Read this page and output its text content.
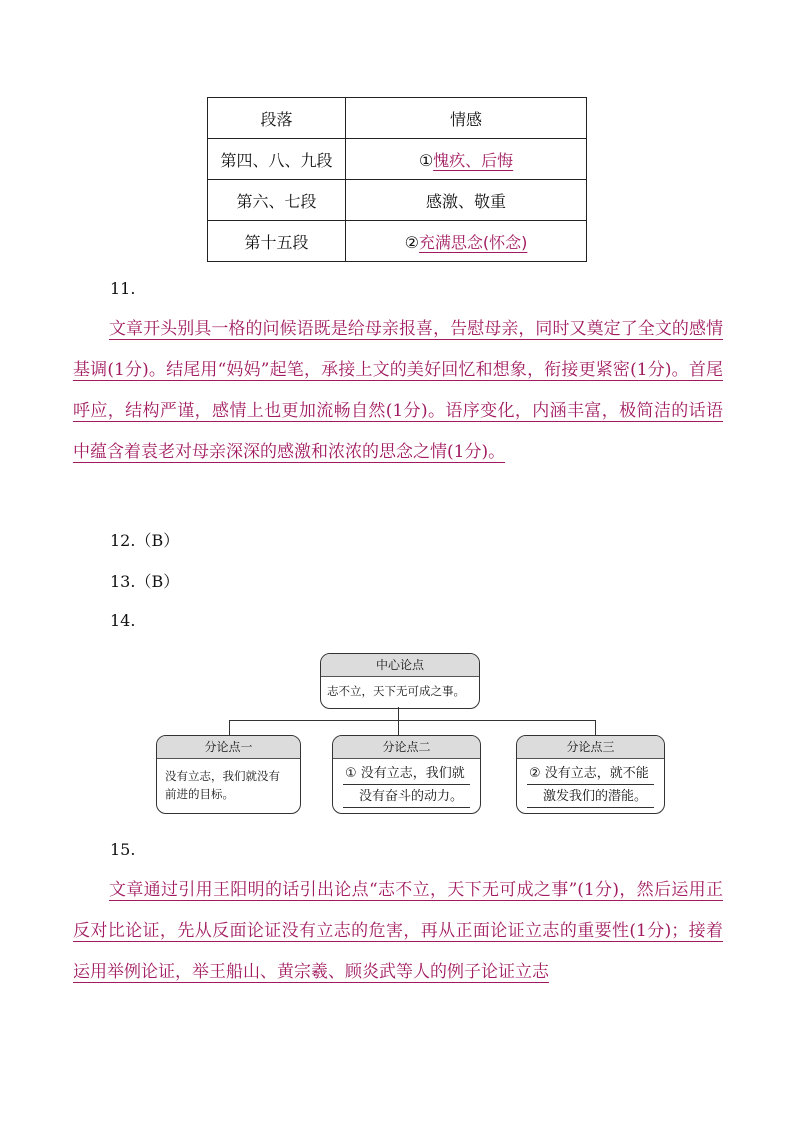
段落	情感
第四、八、九段	①愧疚、后悔
第六、七段	感激、敬重
第十五段	②充满思念(怀念)
11.
文章开头别具一格的问候语既是给母亲报喜，告慰母亲，同时又奠定了全文的感情基调(1分)。结尾用“妈妈”起笔，承接上文的美好回忆和想象，衔接更紧密(1分)。首尾呼应，结构严谨，感情上也更加流畅自然(1分)。语序变化，内涵丰富，极简洁的话语中蕴含着袁老对母亲深深的感激和浓浓的思念之情(1分)。
12.（B）
13.（B）
14.
中心论点
志不立，天下无可成之事。
分论点一
没有立志，我们就没有
前进的目标。
分论点二
① 没有立志，我们就
没有奋斗的动力。
分论点三
② 没有立志，就不能
激发我们的潜能。
15.
文章通过引用王阳明的话引出论点“志不立，天下无可成之事”(1分)，然后运用正反对比论证，先从反面论证没有立志的危害，再从正面论证立志的重要性(1分)；接着运用举例论证，举王船山、黄宗羲、顾炎武等人的例子论证立志
